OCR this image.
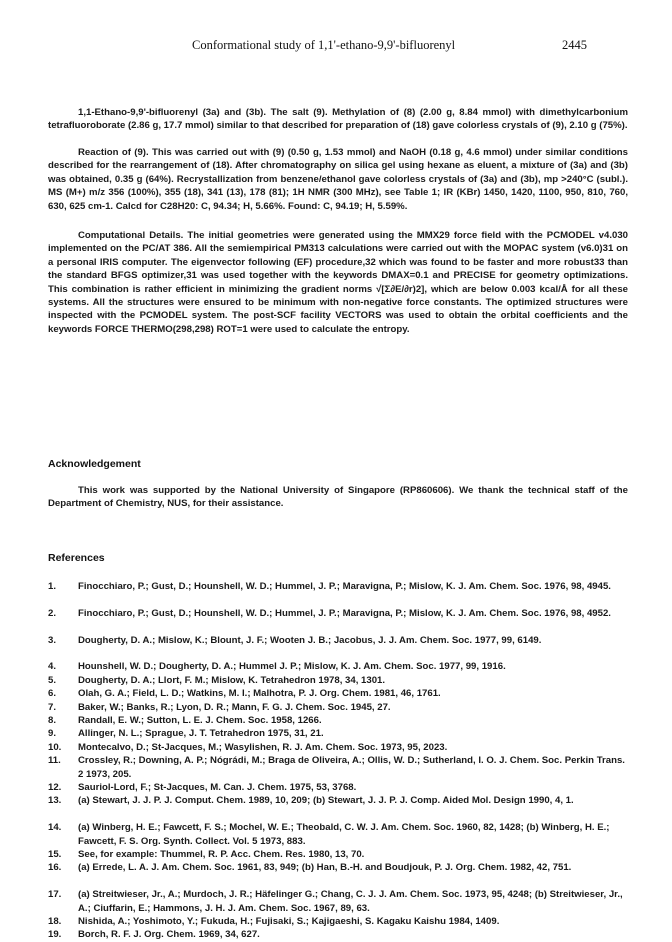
Conformational study of 1,1'-ethano-9,9'-bifluorenyl	2445

1,1-Ethano-9,9'-bifluorenyl (3a) and (3b). The salt (9). Methylation of (8) (2.00 g, 8.84 mmol) with dimethylcarbonium tetrafluoroborate (2.86 g, 17.7 mmol) similar to that described for preparation of (18) gave colorless crystals of (9), 2.10 g (75%).

Reaction of (9). This was carried out with (9) (0.50 g, 1.53 mmol) and NaOH (0.18 g, 4.6 mmol) under similar conditions described for the rearrangement of (18). After chromatography on silica gel using hexane as eluent, a mixture of (3a) and (3b) was obtained, 0.35 g (64%). Recrystallization from benzene/ethanol gave colorless crystals of (3a) and (3b), mp >240°C (subl.). MS (M+) m/z 356 (100%), 355 (18), 341 (13), 178 (81); 1H NMR (300 MHz), see Table 1; IR (KBr) 1450, 1420, 1100, 950, 810, 760, 630, 625 cm-1. Calcd for C28H20: C, 94.34; H, 5.66%. Found: C, 94.19; H, 5.59%.

Computational Details. The initial geometries were generated using the MMX29 force field with the PCMODEL v4.030 implemented on the PC/AT 386. All the semiempirical PM313 calculations were carried out with the MOPAC system (v6.0)31 on a personal IRIS computer. The eigenvector following (EF) procedure,32 which was found to be faster and more robust33 than the standard BFGS optimizer,31 was used together with the keywords DMAX=0.1 and PRECISE for geometry optimizations. This combination is rather efficient in minimizing the gradient norms √[Σ∂E/∂r)2], which are below 0.003 kcal/Å for all these systems. All the structures were ensured to be minimum with non-negative force constants. The optimized structures were inspected with the PCMODEL system. The post-SCF facility VECTORS was used to obtain the orbital coefficients and the keywords FORCE THERMO(298,298) ROT=1 were used to calculate the entropy.

Acknowledgement

This work was supported by the National University of Singapore (RP860606). We thank the technical staff of the Department of Chemistry, NUS, for their assistance.

References
1.	Finocchiaro, P.; Gust, D.; Hounshell, W. D.; Hummel, J. P.; Maravigna, P.; Mislow, K. J. Am. Chem. Soc. 1976, 98, 4945.
2.	Finocchiaro, P.; Gust, D.; Hounshell, W. D.; Hummel, J. P.; Maravigna, P.; Mislow, K. J. Am. Chem. Soc. 1976, 98, 4952.
3.	Dougherty, D. A.; Mislow, K.; Blount, J. F.; Wooten J. B.; Jacobus, J. J. Am. Chem. Soc. 1977, 99, 6149.
4.	Hounshell, W. D.; Dougherty, D. A.; Hummel J. P.; Mislow, K. J. Am. Chem. Soc. 1977, 99, 1916.
5.	Dougherty, D. A.; Llort, F. M.; Mislow, K. Tetrahedron 1978, 34, 1301.
6.	Olah, G. A.; Field, L. D.; Watkins, M. I.; Malhotra, P. J. Org. Chem. 1981, 46, 1761.
7.	Baker, W.; Banks, R.; Lyon, D. R.; Mann, F. G. J. Chem. Soc. 1945, 27.
8.	Randall, E. W.; Sutton, L. E. J. Chem. Soc. 1958, 1266.
9.	Allinger, N. L.; Sprague, J. T. Tetrahedron 1975, 31, 21.
10.	Montecalvo, D.; St-Jacques, M.; Wasylishen, R. J. Am. Chem. Soc. 1973, 95, 2023.
11.	Crossley, R.; Downing, A. P.; Nógrádi, M.; Braga de Oliveira, A.; Ollis, W. D.; Sutherland, I. O. J. Chem. Soc. Perkin Trans. 2 1973, 205.
12.	Sauriol-Lord, F.; St-Jacques, M. Can. J. Chem. 1975, 53, 3768.
13.	(a) Stewart, J. J. P. J. Comput. Chem. 1989, 10, 209; (b) Stewart, J. J. P. J. Comp. Aided Mol. Design 1990, 4, 1.
14.	(a) Winberg, H. E.; Fawcett, F. S.; Mochel, W. E.; Theobald, C. W. J. Am. Chem. Soc. 1960, 82, 1428; (b) Winberg, H. E.; Fawcett, F. S. Org. Synth. Collect. Vol. 5 1973, 883.
15.	See, for example: Thummel, R. P. Acc. Chem. Res. 1980, 13, 70.
16.	(a) Errede, L. A. J. Am. Chem. Soc. 1961, 83, 949; (b) Han, B.-H. and Boudjouk, P. J. Org. Chem. 1982, 42, 751.
17.	(a) Streitwieser, Jr., A.; Murdoch, J. R.; Häfelinger G.; Chang, C. J. J. Am. Chem. Soc. 1973, 95, 4248; (b) Streitwieser, Jr., A.; Ciuffarin, E.; Hammons, J. H. J. Am. Chem. Soc. 1967, 89, 63.
18.	Nishida, A.; Yoshimoto, Y.; Fukuda, H.; Fujisaki, S.; Kajigaeshi, S. Kagaku Kaishu 1984, 1409.
19.	Borch, R. F. J. Org. Chem. 1969, 34, 627.
